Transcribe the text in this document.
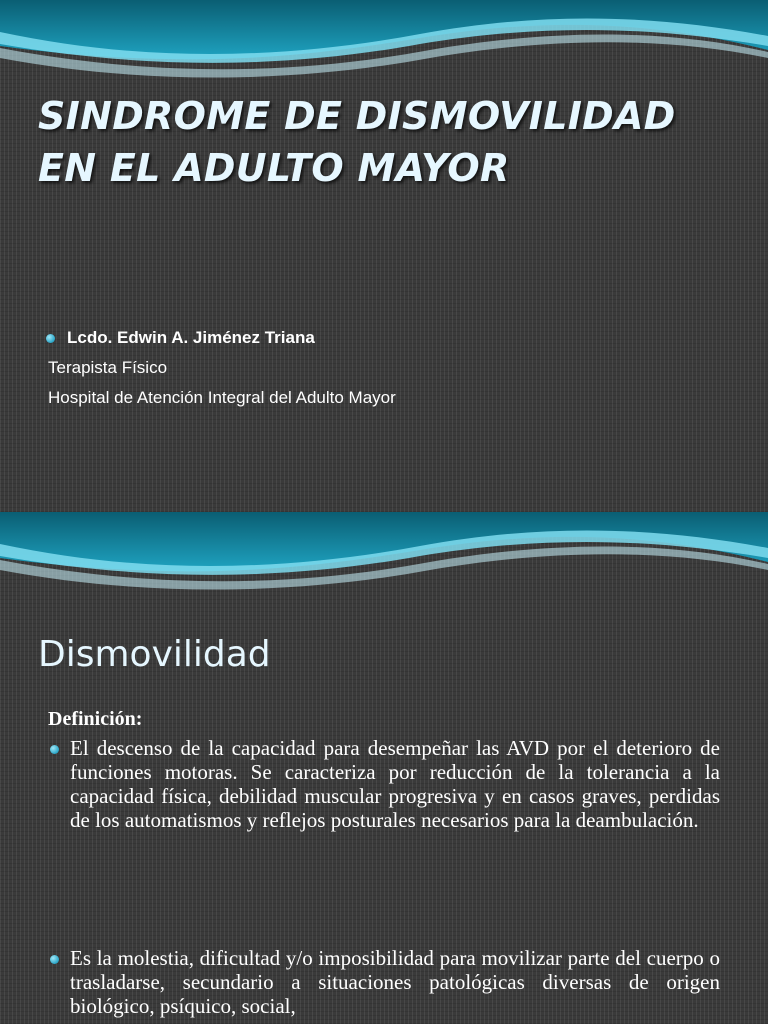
SINDROME DE DISMOVILIDAD EN EL ADULTO MAYOR
Lcdo. Edwin A. Jiménez Triana
Terapista Físico
Hospital de Atención Integral del Adulto Mayor
Dismovilidad
Definición:

El descenso de la capacidad para desempeñar las AVD por el deterioro de funciones motoras. Se caracteriza por reducción de la tolerancia a la capacidad física, debilidad muscular progresiva y en casos graves, perdidas de los automatismos y reflejos posturales necesarios para la deambulación.

Es la molestia, dificultad y/o imposibilidad para movilizar parte del cuerpo o trasladarse, secundario a situaciones patológicas diversas de origen biológico, psíquico, social,
